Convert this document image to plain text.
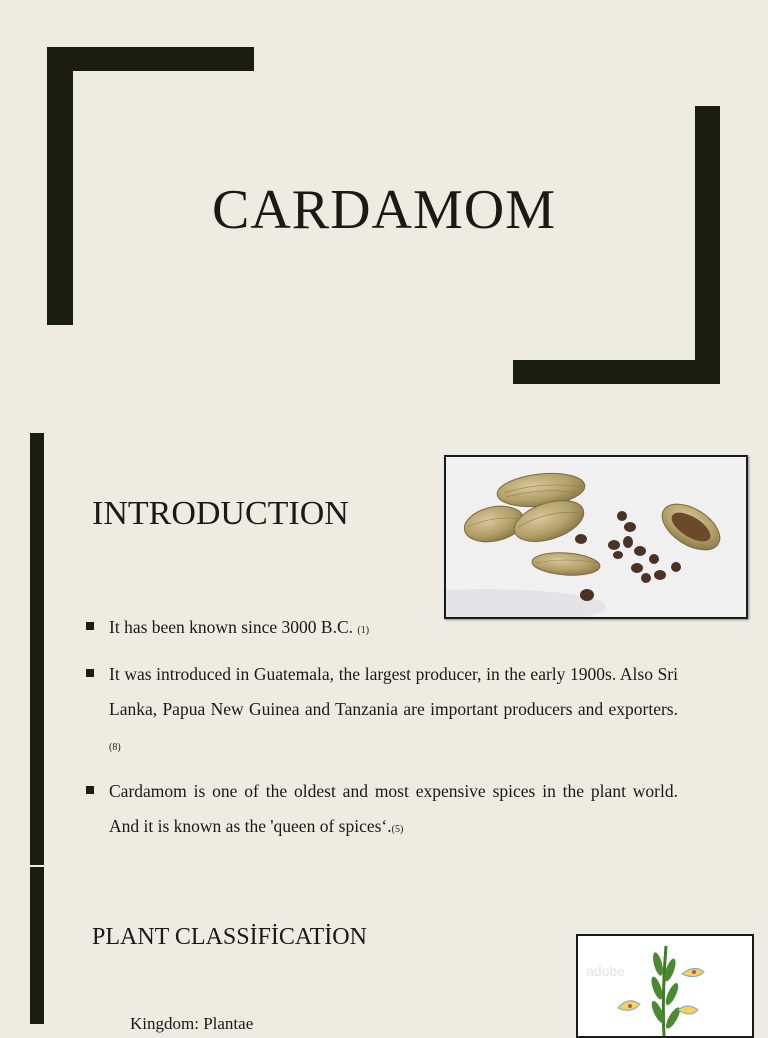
CARDAMOM
INTRODUCTION
It has been known since 3000 B.C. (1)
It was introduced in Guatemala, the largest producer, in the early 1900s. Also Sri Lanka, Papua New Guinea and Tanzania are important producers and exporters.(8)
Cardamom is one of the oldest and most expensive spices in the plant world. And it is known as the 'queen of spices‘.(5)
PLANT CLASSİFİCATİON
adobe
Kingdom: Plantae
